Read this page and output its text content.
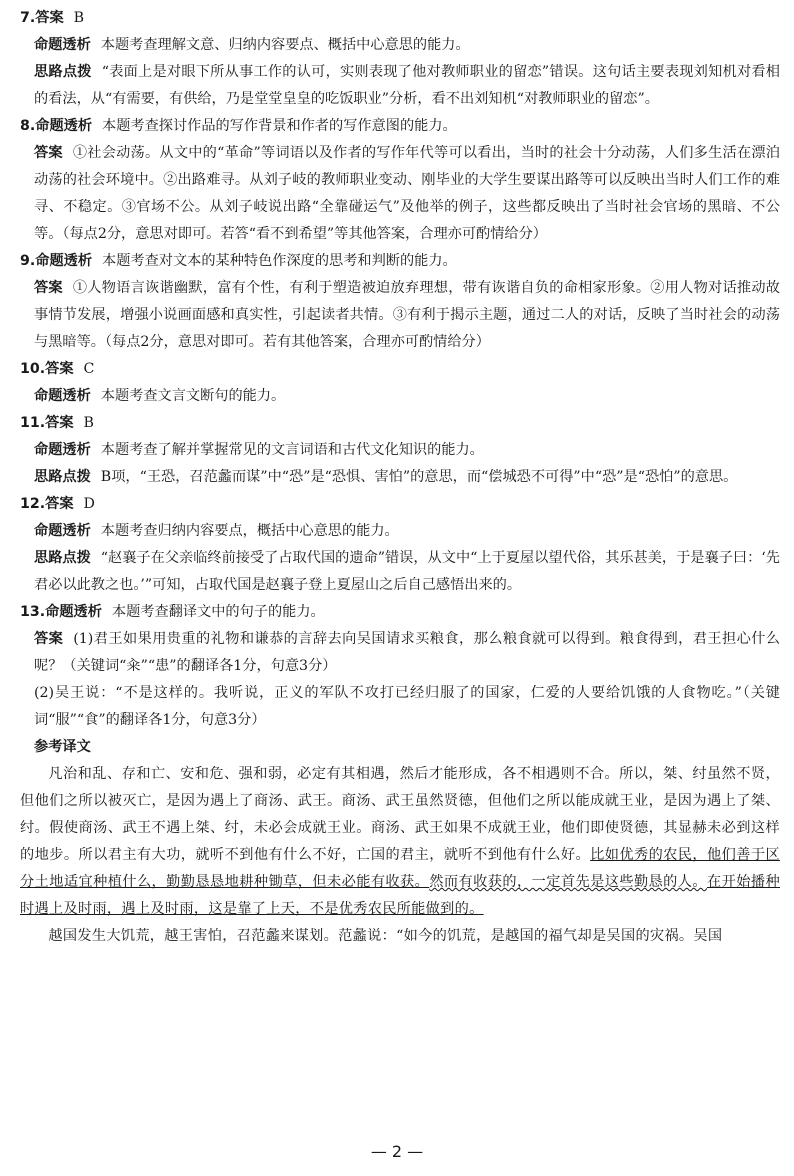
7.答案 B

命题透析 本题考查理解文意、归纳内容要点、概括中心意思的能力。

思路点拨 “表面上是对眼下所从事工作的认可，实则表现了他对教师职业的留恋”错误。这句话主要表现刘知机对看相的看法，从“有需要，有供给，乃是堂堂皇皇的吃饭职业”分析，看不出刘知机“对教师职业的留恋”。

8.命题透析 本题考查探讨作品的写作背景和作者的写作意图的能力。

答案 ①社会动荡。从文中的“革命”等词语以及作者的写作年代等可以看出，当时的社会十分动荡，人们多生活在漂泊动荡的社会环境中。②出路难寻。从刘子岐的教师职业变动、刚毕业的大学生要谋出路等可以反映出当时人们工作的难寻、不稳定。③官场不公。从刘子岐说出路“全靠碰运气”及他举的例子，这些都反映出了当时社会官场的黑暗、不公等。（每点2分，意思对即可。若答“看不到希望”等其他答案，合理亦可酌情给分）

9.命题透析 本题考查对文本的某种特色作深度的思考和判断的能力。

答案 ①人物语言诙谐幽默，富有个性，有利于塑造被迫放弃理想，带有诙谐自负的命相家形象。②用人物对话推动故事情节发展，增强小说画面感和真实性，引起读者共情。③有利于揭示主题，通过二人的对话，反映了当时社会的动荡与黑暗等。（每点2分，意思对即可。若有其他答案，合理亦可酌情给分）

10.答案 C

命题透析 本题考查文言文断句的能力。

11.答案 B

命题透析 本题考查了解并掌握常见的文言词语和古代文化知识的能力。

思路点拨 B项，“王恐，召范蠡而谋”中“恐”是“恐惧、害怕”的意思，而“偿城恐不可得”中“恐”是“恐怕”的意思。

12.答案 D

命题透析 本题考查归纳内容要点，概括中心意思的能力。

思路点拨 “赵襄子在父亲临终前接受了占取代国的遗命”错误，从文中“上于夏屋以望代俗，其乐甚美，于是襄子曰：‘先君必以此教之也。’”可知，占取代国是赵襄子登上夏屋山之后自己感悟出来的。

13.命题透析 本题考查翻译文中的句子的能力。

答案 (1)君王如果用贵重的礼物和谦恭的言辞去向吴国请求买粮食，那么粮食就可以得到。粮食得到，君王担心什么呢？（关键词“籴”“患”的翻译各1分，句意3分）

(2)吴王说：“不是这样的。我听说，正义的军队不攻打已经归服了的国家，仁爱的人要给饥饿的人食物吃。”（关键词“服”“食”的翻译各1分，句意3分）

参考译文

凡治和乱、存和亡、安和危、强和弱，必定有其相遇，然后才能形成，各不相遇则不合。所以，桀、纣虽然不贤，但他们之所以被灭亡，是因为遇上了商汤、武王。商汤、武王虽然贤德，但他们之所以能成就王业，是因为遇上了桀、纣。假使商汤、武王不遇上桀、纣，未必会成就王业。商汤、武王如果不成就王业，他们即使贤德，其显赫未必到这样的地步。所以君主有大功，就听不到他有什么不好，亡国的君主，就听不到他有什么好。比如优秀的农民，他们善于区分土地适宜种植什么，勤勤恳恳地耕种锄草，但未必能有收获。然而有收获的，一定首先是这些勤恳的人。在开始播种时遇上及时雨，遇上及时雨，这是靠了上天，不是优秀农民所能做到的。

越国发生大饥荒，越王害怕，召范蠡来谋划。范蠡说：“如今的饥荒，是越国的福气却是吴国的灾祸。吴国

— 2 —
